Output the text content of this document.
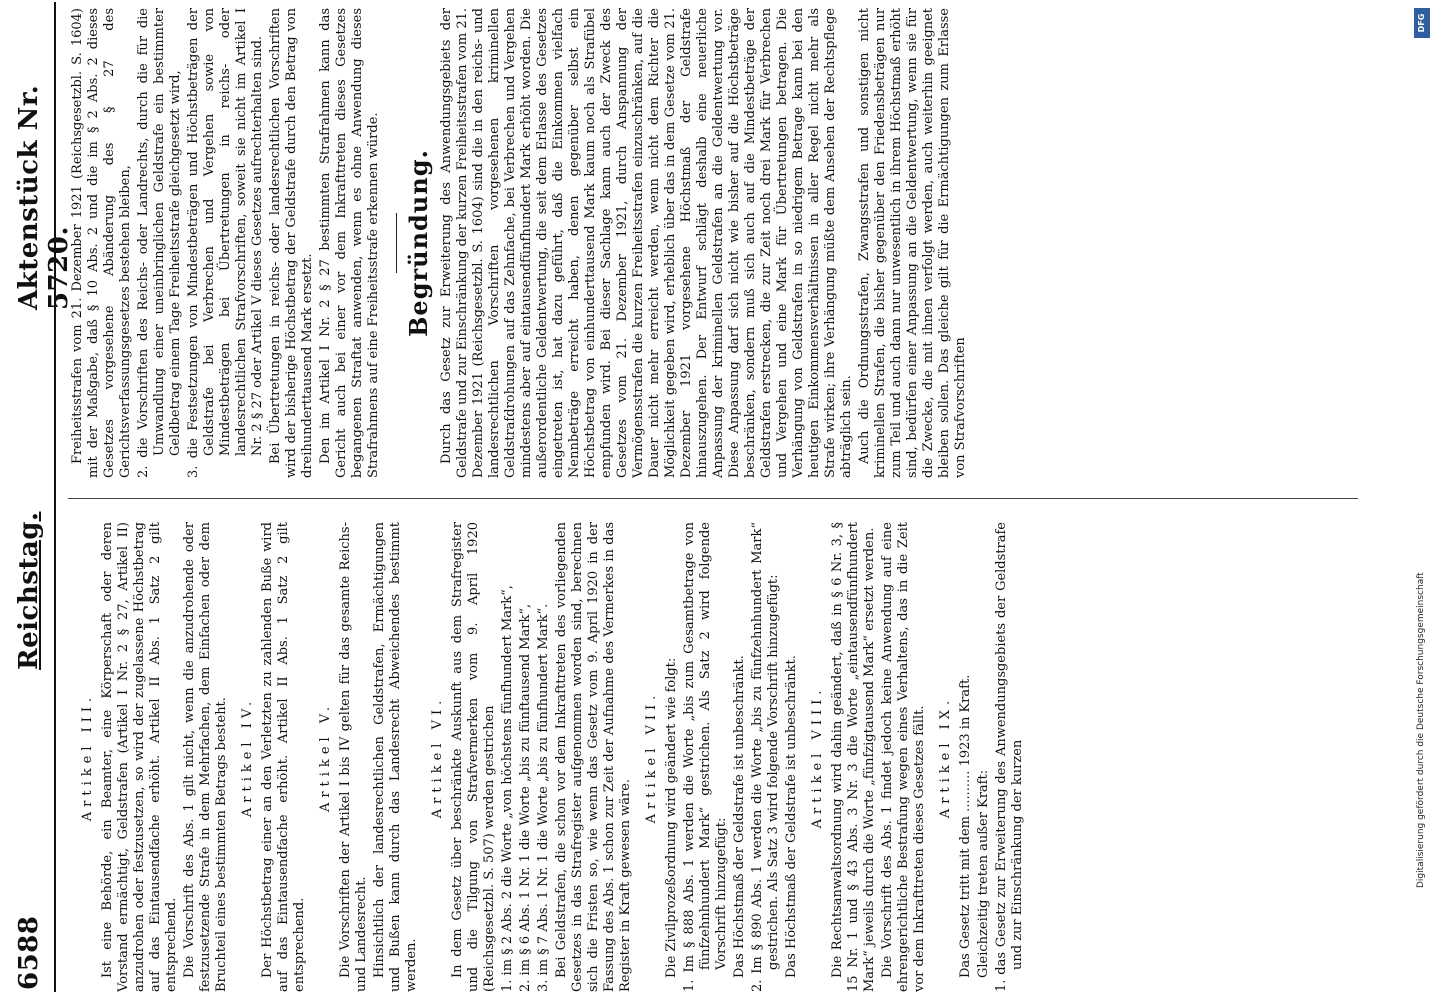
6588
Reichstag.
Aktenstück Nr. 5720.
Artikel III. Ist eine Behörde, ein Beamter, eine Körperschaft oder deren Vorstand ermächtigt, Geldstrafen (Artikel I Nr. 2 § 27, Artikel II) anzudrohen oder festzusetzen, so wird der zugelassene Höchstbetrag auf das Eintausendfache erhöht. Artikel II Abs. 1 Satz 2 gilt entsprechend. Die Vorschrift des Abs. 1 gilt nicht, wenn die anzudrohende oder festzusetzende Strafe in dem Mehrfachen, dem Einfachen oder dem Bruchteil eines bestimmten Betrags besteht. Artikel IV. Der Höchstbetrag einer an den Verletzten zu zahlenden Buße wird auf das Eintausendfache erhöht. Artikel II Abs. 1 Satz 2 gilt entsprechend.
Artikel V. Die Vorschriften der Artikel I bis IV gelten für das gesamte Reichs- und Landesrecht. Hinsichtlich der landesrechtlichen Geldstrafen, Ermächtigungen und Bußen kann durch das Landesrecht Abweichendes bestimmt werden.
Artikel VI. In dem Gesetz über beschränkte Auskunft aus dem Strafregister und die Tilgung von Strafvermerken vom 9. April 1920 (Reichsgesetzbl. S. 507) werden gestrichen 1. im § 2 Abs. 2 die Worte „von höchstens fünfhundert Mark“, 2. im § 6 Abs. 1 Nr. 1 die Worte „bis zu fünftausend Mark“, 3. im § 7 Abs. 1 Nr. 1 die Worte „bis zu fünfhundert Mark“. Bei Geldstrafen, die schon vor dem Inkrafttreten des vorliegenden Gesetzes in das Strafregister aufgenommen worden sind, berechnen sich die Fristen so, wie wenn das Gesetz vom 9. April 1920 in der Fassung des Abs. 1 schon zur Zeit der Aufnahme des Vermerkes in das Register in Kraft gewesen wäre.
Artikel VII. Die Zivilprozeßordnung wird geändert wie folgt: 1. Im § 888 Abs. 1 werden die Worte „bis zum Gesamtbetrage von fünfzehnhundert Mark“ gestrichen. Als Satz 2 wird folgende Vorschrift hinzugefügt: Das Höchstmaß der Geldstrafe ist unbeschränkt. 2. Im § 890 Abs. 1 werden die Worte „bis zu fünfzehnhundert Mark“ gestrichen. Als Satz 3 wird folgende Vorschrift hinzugefügt: Das Höchstmaß der Geldstrafe ist unbeschränkt. Artikel VIII. Die Rechtsanwaltsordnung wird dahin geändert, daß in § 6 Nr. 3, § 15 Nr. 1 und § 43 Abs. 3 Nr. 3 die Worte „eintausendfünfhundert Mark“ jeweils durch die Worte „fünfzigtausend Mark“ ersetzt werden. Die Vorschrift des Abs. 1 findet jedoch keine Anwendung auf eine ehrengerichtliche Bestrafung wegen eines Verhaltens, das in die Zeit vor dem Inkrafttreten dieses Gesetzes fällt. Artikel IX. Das Gesetz tritt mit dem .......... 1923 in Kraft. Gleichzeitig treten außer Kraft: 1. das Gesetz zur Erweiterung des Anwendungsgebiets der Geldstrafe und zur Einschränkung der kurzen
Freiheitsstrafen vom 21. Dezember 1921 (Reichsgesetzbl. S. 1604) mit der Maßgabe, daß § 10 Abs. 2 und die im § 2 Abs. 2 dieses Gesetzes vorgesehene Abänderung des § 27 des Gerichtsverfassungsgesetzes bestehen bleiben, 2. die Vorschriften des Reichs- oder Landrechts, durch die für die Umwandlung einer uneinbringlichen Geldstrafe ein bestimmter Geldbetrag einem Tage Freiheitsstrafe gleichgesetzt wird, 3. die Festsetzungen von Mindestbeträgen und Höchstbeträgen der Geldstrafe bei Verbrechen und Vergehen sowie von Mindestbeträgen bei Übertretungen in reichs- oder landesrechtlichen Strafvorschriften, soweit sie nicht im Artikel I Nr. 2 § 27 oder Artikel V dieses Gesetzes aufrechterhalten sind. Bei Übertretungen in reichs- oder landesrechtlichen Vorschriften wird der bisherige Höchstbetrag der Geldstrafe durch den Betrag von dreihunderttausend Mark ersetzt. Den im Artikel I Nr. 2 § 27 bestimmten Strafrahmen kann das Gericht auch bei einer vor dem Inkrafttreten dieses Gesetzes begangenen Straftat anwenden, wenn es ohne Anwendung dieses Strafrahmens auf eine Freiheitsstrafe erkennen würde. Begründung. Durch das Gesetz zur Erweiterung des Anwendungsgebiets der Geldstrafe und zur Einschränkung der kurzen Freiheitsstrafen vom 21. Dezember 1921 (Reichsgesetzbl. S. 1604) sind die in den reichs- und landesrechtlichen Vorschriften vorgesehenen kriminellen Geldstrafdrohungen auf das Zehnfache, bei Verbrechen und Vergehen mindestens aber auf eintausendfünfhundert Mark erhöht worden. Die außerordentliche Geldentwertung, die seit dem Erlasse des Gesetzes eingetreten ist, hat dazu geführt, daß die Einkommen vielfach Nennbeträge erreicht haben, denen gegenüber selbst ein Höchstbetrag von einhunderttausend Mark kaum noch als Strafübel empfunden wird. Bei dieser Sachlage kann auch der Zweck des Gesetzes vom 21. Dezember 1921, durch Anspannung der Vermögensstrafen die kurzen Freiheitsstrafen einzuschränken, auf die Dauer nicht mehr erreicht werden, wenn nicht dem Richter die Möglichkeit gegeben wird, erheblich über das in dem Gesetze vom 21. Dezember 1921 vorgesehene Höchstmaß der Geldstrafe hinauszugehen. Der Entwurf schlägt deshalb eine neuerliche Anpassung der kriminellen Geldstrafen an die Geldentwertung vor. Diese Anpassung darf sich nicht wie bisher auf die Höchstbeträge beschränken, sondern muß sich auch auf die Mindestbeträge der Geldstrafen erstrecken, die zur Zeit noch drei Mark für Verbrechen und Vergehen und eine Mark für Übertretungen betragen. Die Verhängung von Geldstrafen in so niedrigem Betrage kann bei den heutigen Einkommensverhältnissen in aller Regel nicht mehr als Strafe wirken; ihre Verhängung müßte dem Ansehen der Rechtspflege abträglich sein. Auch die Ordnungsstrafen, Zwangsstrafen und sonstigen nicht kriminellen Strafen, die bisher gegenüber den Friedensbeträgen nur zum Teil und auch dann nur unwesentlich in ihrem Höchstmaß erhöht sind, bedürfen einer Anpassung an die Geldentwertung, wenn sie für die Zwecke, die mit ihnen verfolgt werden, auch weiterhin geeignet bleiben sollen. Das gleiche gilt für die Ermächtigungen zum Erlasse von Strafvorschriften
Digitalisierung gefördert durch die Deutsche Forschungsgemeinschaft
DFG
